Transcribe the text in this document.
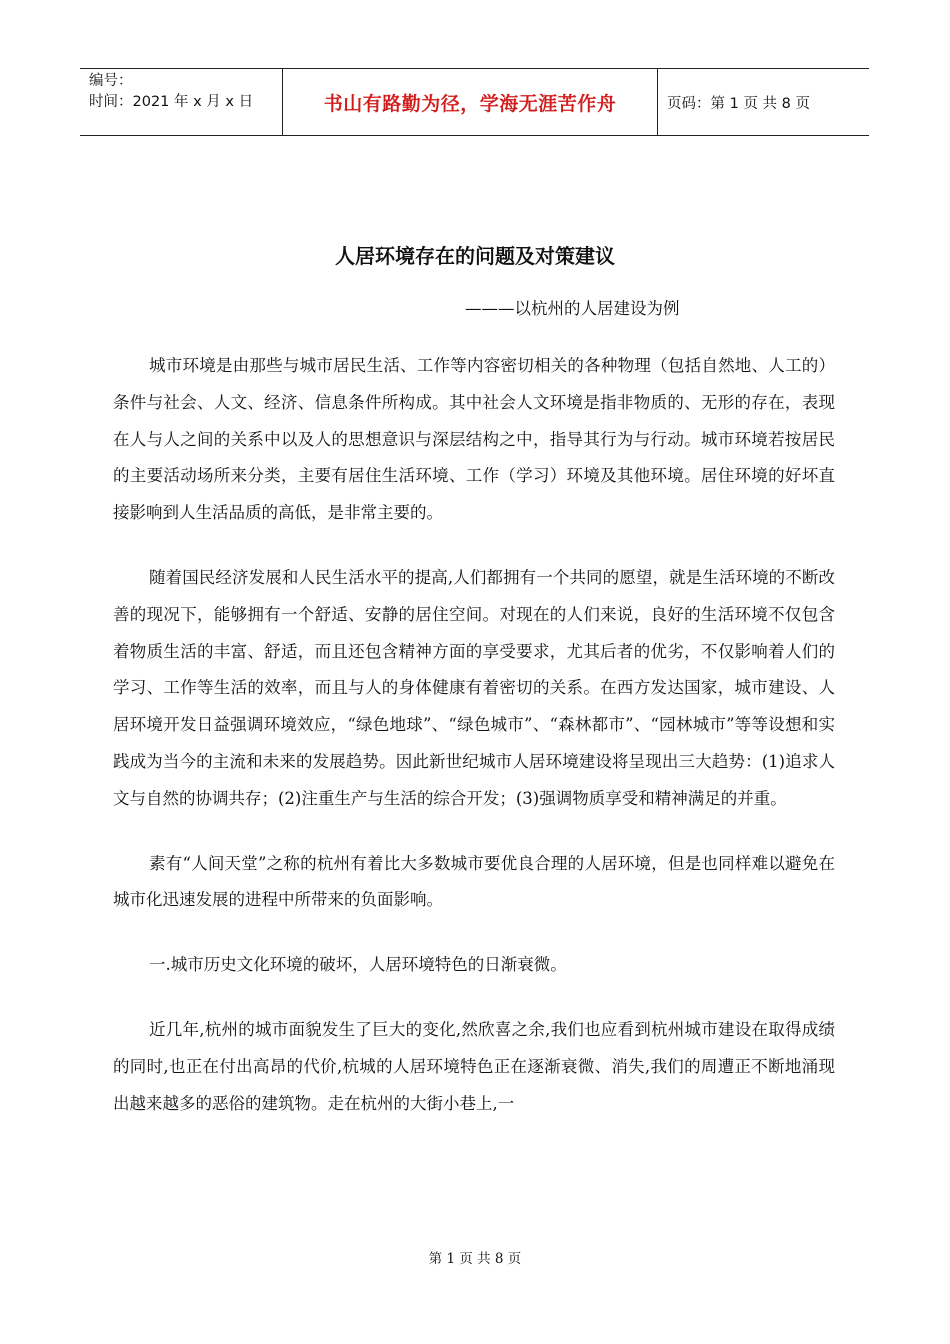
编号：
时间：2021 年 x 月 x 日	书山有路勤为径，学海无涯苦作舟	页码：第 1 页 共 8 页
人居环境存在的问题及对策建议
———以杭州的人居建设为例

城市环境是由那些与城市居民生活、工作等内容密切相关的各种物理（包括自然地、人工的）条件与社会、人文、经济、信息条件所构成。其中社会人文环境是指非物质的、无形的存在，表现在人与人之间的关系中以及人的思想意识与深层结构之中，指导其行为与行动。城市环境若按居民的主要活动场所来分类，主要有居住生活环境、工作（学习）环境及其他环境。居住环境的好坏直接影响到人生活品质的高低，是非常主要的。

随着国民经济发展和人民生活水平的提高,人们都拥有一个共同的愿望，就是生活环境的不断改善的现况下，能够拥有一个舒适、安静的居住空间。对现在的人们来说，良好的生活环境不仅包含着物质生活的丰富、舒适，而且还包含精神方面的享受要求，尤其后者的优劣，不仅影响着人们的学习、工作等生活的效率，而且与人的身体健康有着密切的关系。在西方发达国家，城市建设、人居环境开发日益强调环境效应，“绿色地球”、“绿色城市”、“森林都市”、“园林城市”等等设想和实践成为当今的主流和未来的发展趋势。因此新世纪城市人居环境建设将呈现出三大趋势：(1)追求人文与自然的协调共存；(2)注重生产与生活的综合开发；(3)强调物质享受和精神满足的并重。

素有“人间天堂”之称的杭州有着比大多数城市要优良合理的人居环境，但是也同样难以避免在城市化迅速发展的进程中所带来的负面影响。

一.城市历史文化环境的破坏，人居环境特色的日渐衰微。

近几年,杭州的城市面貌发生了巨大的变化,然欣喜之余,我们也应看到杭州城市建设在取得成绩的同时,也正在付出高昂的代价,杭城的人居环境特色正在逐渐衰微、消失,我们的周遭正不断地涌现出越来越多的恶俗的建筑物。走在杭州的大街小巷上,一

第 1 页 共 8 页
